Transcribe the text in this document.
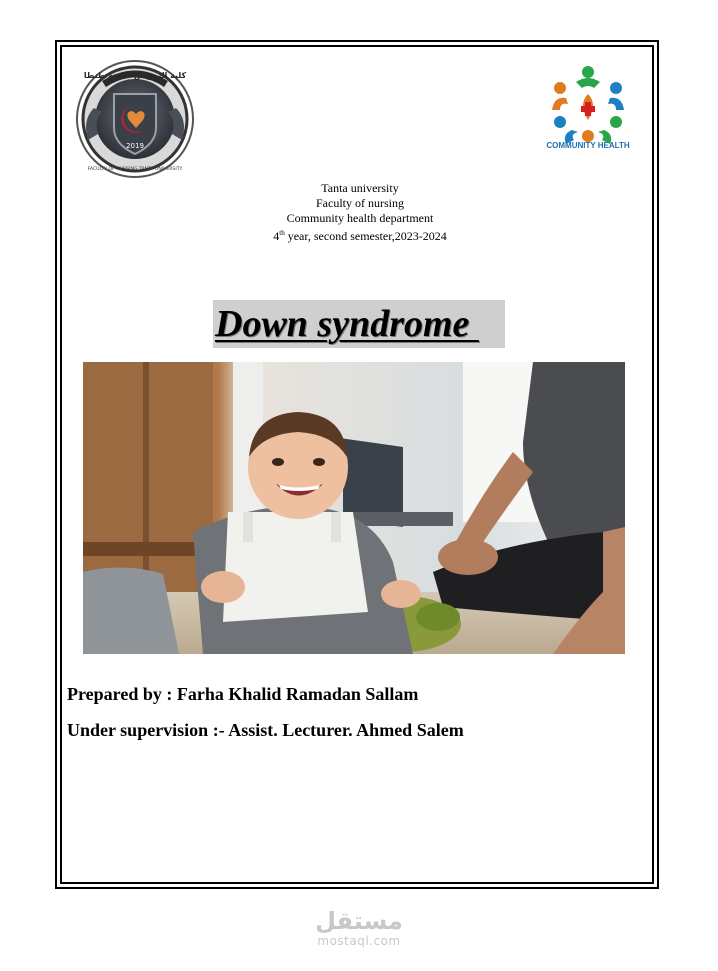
2019
كلية التمريض جامعة طنطا
FACULTY OF NURSING TANTA UNIVERSITY
COMMUNITY HEALTH
Tanta university
Faculty of nursing
Community health department
4th year, second semester,2023-2024
Down syndrome
Prepared by : Farha Khalid Ramadan Sallam
Under supervision :- Assist. Lecturer. Ahmed Salem
مستقل
mostaql.com
